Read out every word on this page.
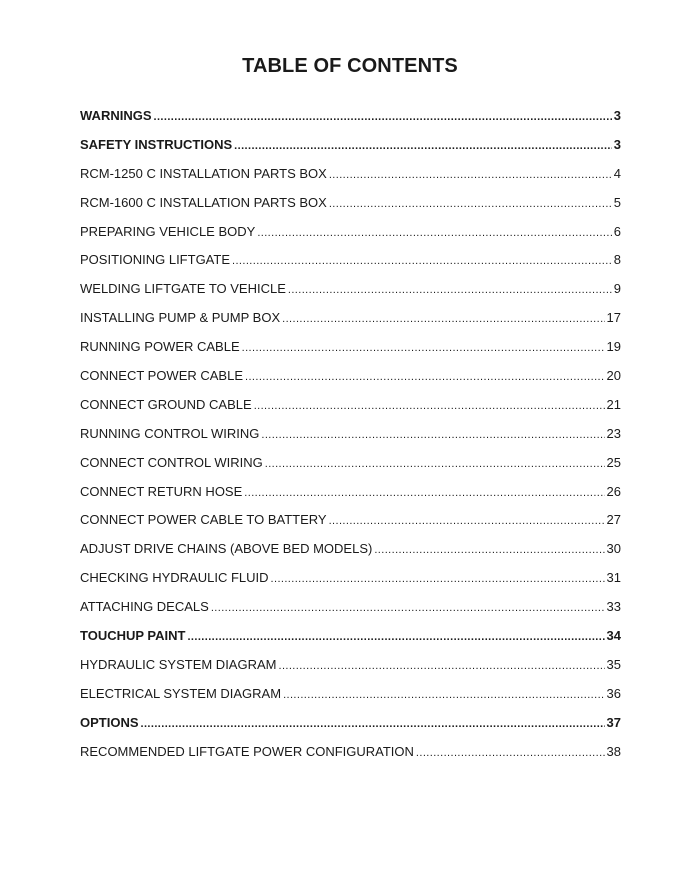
TABLE OF CONTENTS
WARNINGS .....	3
SAFETY INSTRUCTIONS .....	3
RCM-1250 C INSTALLATION PARTS BOX .....	4
RCM-1600 C INSTALLATION PARTS BOX .....	5
PREPARING VEHICLE BODY .....	6
POSITIONING LIFTGATE .....	8
WELDING LIFTGATE TO VEHICLE .....	9
INSTALLING PUMP & PUMP BOX .....	17
RUNNING POWER CABLE .....	19
CONNECT POWER CABLE .....	20
CONNECT GROUND CABLE .....	21
RUNNING CONTROL WIRING .....	23
CONNECT CONTROL WIRING .....	25
CONNECT RETURN HOSE .....	26
CONNECT POWER CABLE TO BATTERY .....	27
ADJUST DRIVE CHAINS (ABOVE BED MODELS) .....	30
CHECKING HYDRAULIC FLUID .....	31
ATTACHING DECALS .....	33
TOUCHUP PAINT .....	34
HYDRAULIC SYSTEM DIAGRAM .....	35
ELECTRICAL SYSTEM DIAGRAM .....	36
OPTIONS .....	37
RECOMMENDED LIFTGATE POWER CONFIGURATION .....	38
